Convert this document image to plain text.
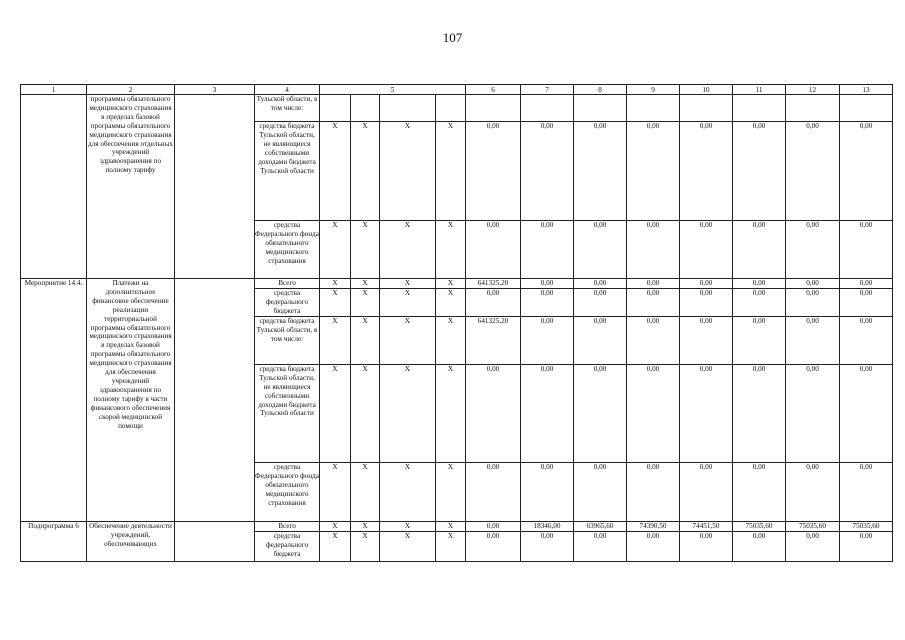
107
1	2	3	4	5				6	7	8	9	10	11	12	13
	программы обязательного медицинского страхования в пределах базовой программы обязательного медицинского страхования для обеспечения отдельных учреждений здравоохранения по полному тарифу		Тульской области, в том числе:												
			средства бюджета Тульской области, не являющиеся собственными доходами бюджета Тульской области	X	X	X	X	0,00	0,00	0,00	0,00	0,00	0,00	0,00	0,00
			средства Федерального фонда обязательного медицинского страхования	X	X	X	X	0,00	0,00	0,00	0,00	0,00	0,00	0,00	0,00
Мероприятие 14.4.	Платежи на дополнительное финансовое обеспечение реализации территориальной программы обязательного медицинского страхования в пределах базовой программы обязательного медицинского страхования для обеспечения учреждений здравоохранения по полному тарифу в части финансового обеспечения скорой медицинской помощи		Всего	X	X	X	X	641325,20	0,00	0,00	0,00	0,00	0,00	0,00	0,00
			средства федерального бюджета	X	X	X	X	0,00	0,00	0,00	0,00	0,00	0,00	0,00	0,00
			средства бюджета Тульской области, в том числе:	X	X	X	X	641325,20	0,00	0,00	0,00	0,00	0,00	0,00	0,00
			средства бюджета Тульской области, не являющиеся собственными доходами бюджета Тульской области	X	X	X	X	0,00	0,00	0,00	0,00	0,00	0,00	0,00	0,00
			средства Федерального фонда обязательного медицинского страхования	X	X	X	X	0,00	0,00	0,00	0,00	0,00	0,00	0,00	0,00
Подпрограмма 6	Обеспечение деятельности учреждений, обеспечивающих		Всего	X	X	X	X	0,00	18346,00	63965,60	74390,50	74451,50	75035,60	75035,60	75035,60
			средства федерального бюджета	X	X	X	X	0,00	0,00	0,00	0,00	0,00	0,00	0,00	0,00
